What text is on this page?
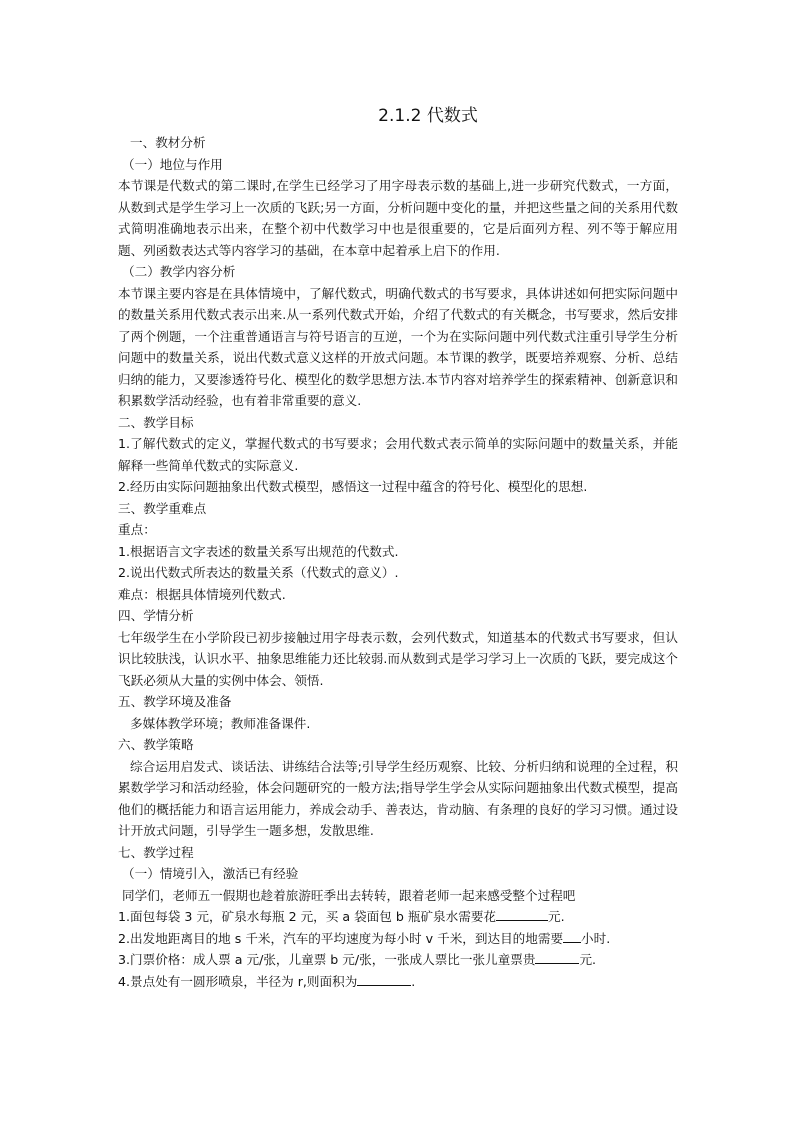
2.1.2 代数式

一、教材分析

（一）地位与作用

本节课是代数式的第二课时,在学生已经学习了用字母表示数的基础上,进一步研究代数式，一方面，从数到式是学生学习上一次质的飞跃;另一方面，分析问题中变化的量，并把这些量之间的关系用代数式简明准确地表示出来，在整个初中代数学习中也是很重要的，它是后面列方程、列不等于解应用题、列函数表达式等内容学习的基础，在本章中起着承上启下的作用.

（二）教学内容分析

本节课主要内容是在具体情境中，了解代数式，明确代数式的书写要求，具体讲述如何把实际问题中的数量关系用代数式表示出来.从一系列代数式开始，介绍了代数式的有关概念，书写要求，然后安排了两个例题，一个注重普通语言与符号语言的互逆，一个为在实际问题中列代数式注重引导学生分析问题中的数量关系，说出代数式意义这样的开放式问题。本节课的教学，既要培养观察、分析、总结归纳的能力，又要渗透符号化、模型化的数学思想方法.本节内容对培养学生的探索精神、创新意识和积累数学活动经验，也有着非常重要的意义.

二、教学目标

1.了解代数式的定义，掌握代数式的书写要求；会用代数式表示简单的实际问题中的数量关系，并能解释一些简单代数式的实际意义.

2.经历由实际问题抽象出代数式模型，感悟这一过程中蕴含的符号化、模型化的思想.

三、教学重难点

重点：

1.根据语言文字表述的数量关系写出规范的代数式.

2.说出代数式所表达的数量关系（代数式的意义）.

难点：根据具体情境列代数式.

四、学情分析

七年级学生在小学阶段已初步接触过用字母表示数，会列代数式，知道基本的代数式书写要求，但认识比较肤浅，认识水平、抽象思维能力还比较弱.而从数到式是学习学习上一次质的飞跃，要完成这个飞跃必须从大量的实例中体会、领悟.

五、教学环境及准备

多媒体教学环境；教师准备课件.

六、教学策略

综合运用启发式、谈话法、讲练结合法等;引导学生经历观察、比较、分析归纳和说理的全过程，积累数学学习和活动经验，体会问题研究的一般方法;指导学生学会从实际问题抽象出代数式模型，提高他们的概括能力和语言运用能力，养成会动手、善表达，肯动脑、有条理的良好的学习习惯。通过设计开放式问题，引导学生一题多想，发散思维.

七、教学过程

（一）情境引入，激活已有经验

同学们，老师五一假期也趁着旅游旺季出去转转，跟着老师一起来感受整个过程吧

1.面包每袋 3 元，矿泉水每瓶 2 元，买 a 袋面包 b 瓶矿泉水需要花	元.

2.出发地距离目的地 s 千米，汽车的平均速度为每小时 v 千米，到达目的地需要 小时.

3.门票价格：成人票 a 元/张，儿童票 b 元/张，一张成人票比一张儿童票贵	元.

4.景点处有一圆形喷泉，半径为 r,则面积为	.
